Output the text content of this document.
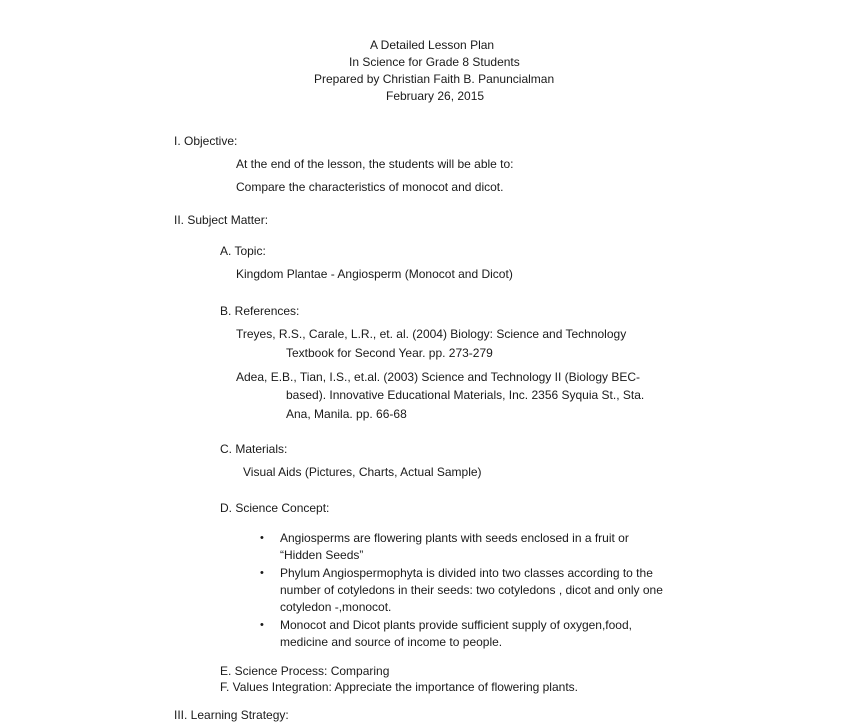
A Detailed Lesson Plan
In Science for Grade 8 Students
Prepared by Christian Faith B. Panuncialman
February 26, 2015
I. Objective:
At the end of the lesson, the students will be able to:
Compare the characteristics of monocot and dicot.
II. Subject Matter:
A. Topic:
Kingdom Plantae - Angiosperm (Monocot and Dicot)
B. References:
Treyes, R.S., Carale, L.R., et. al. (2004) Biology: Science and Technology
Textbook for Second Year. pp. 273-279
Adea, E.B., Tian, I.S., et.al. (2003) Science and Technology II (Biology BEC-
based). Innovative Educational Materials, Inc. 2356 Syquia St., Sta.
Ana, Manila. pp. 66-68
C. Materials:
Visual Aids (Pictures, Charts, Actual Sample)
D. Science Concept:
• Angiosperms are flowering plants with seeds enclosed in a fruit or
“Hidden Seeds”
• Phylum Angiospermophyta is divided into two classes according to the
number of cotyledons in their seeds: two cotyledons , dicot and only one
cotyledon -,monocot.
• Monocot and Dicot plants provide sufficient supply of oxygen,food,
medicine and source of income to people.
E. Science Process: Comparing
F. Values Integration: Appreciate the importance of flowering plants.
III. Learning Strategy:
